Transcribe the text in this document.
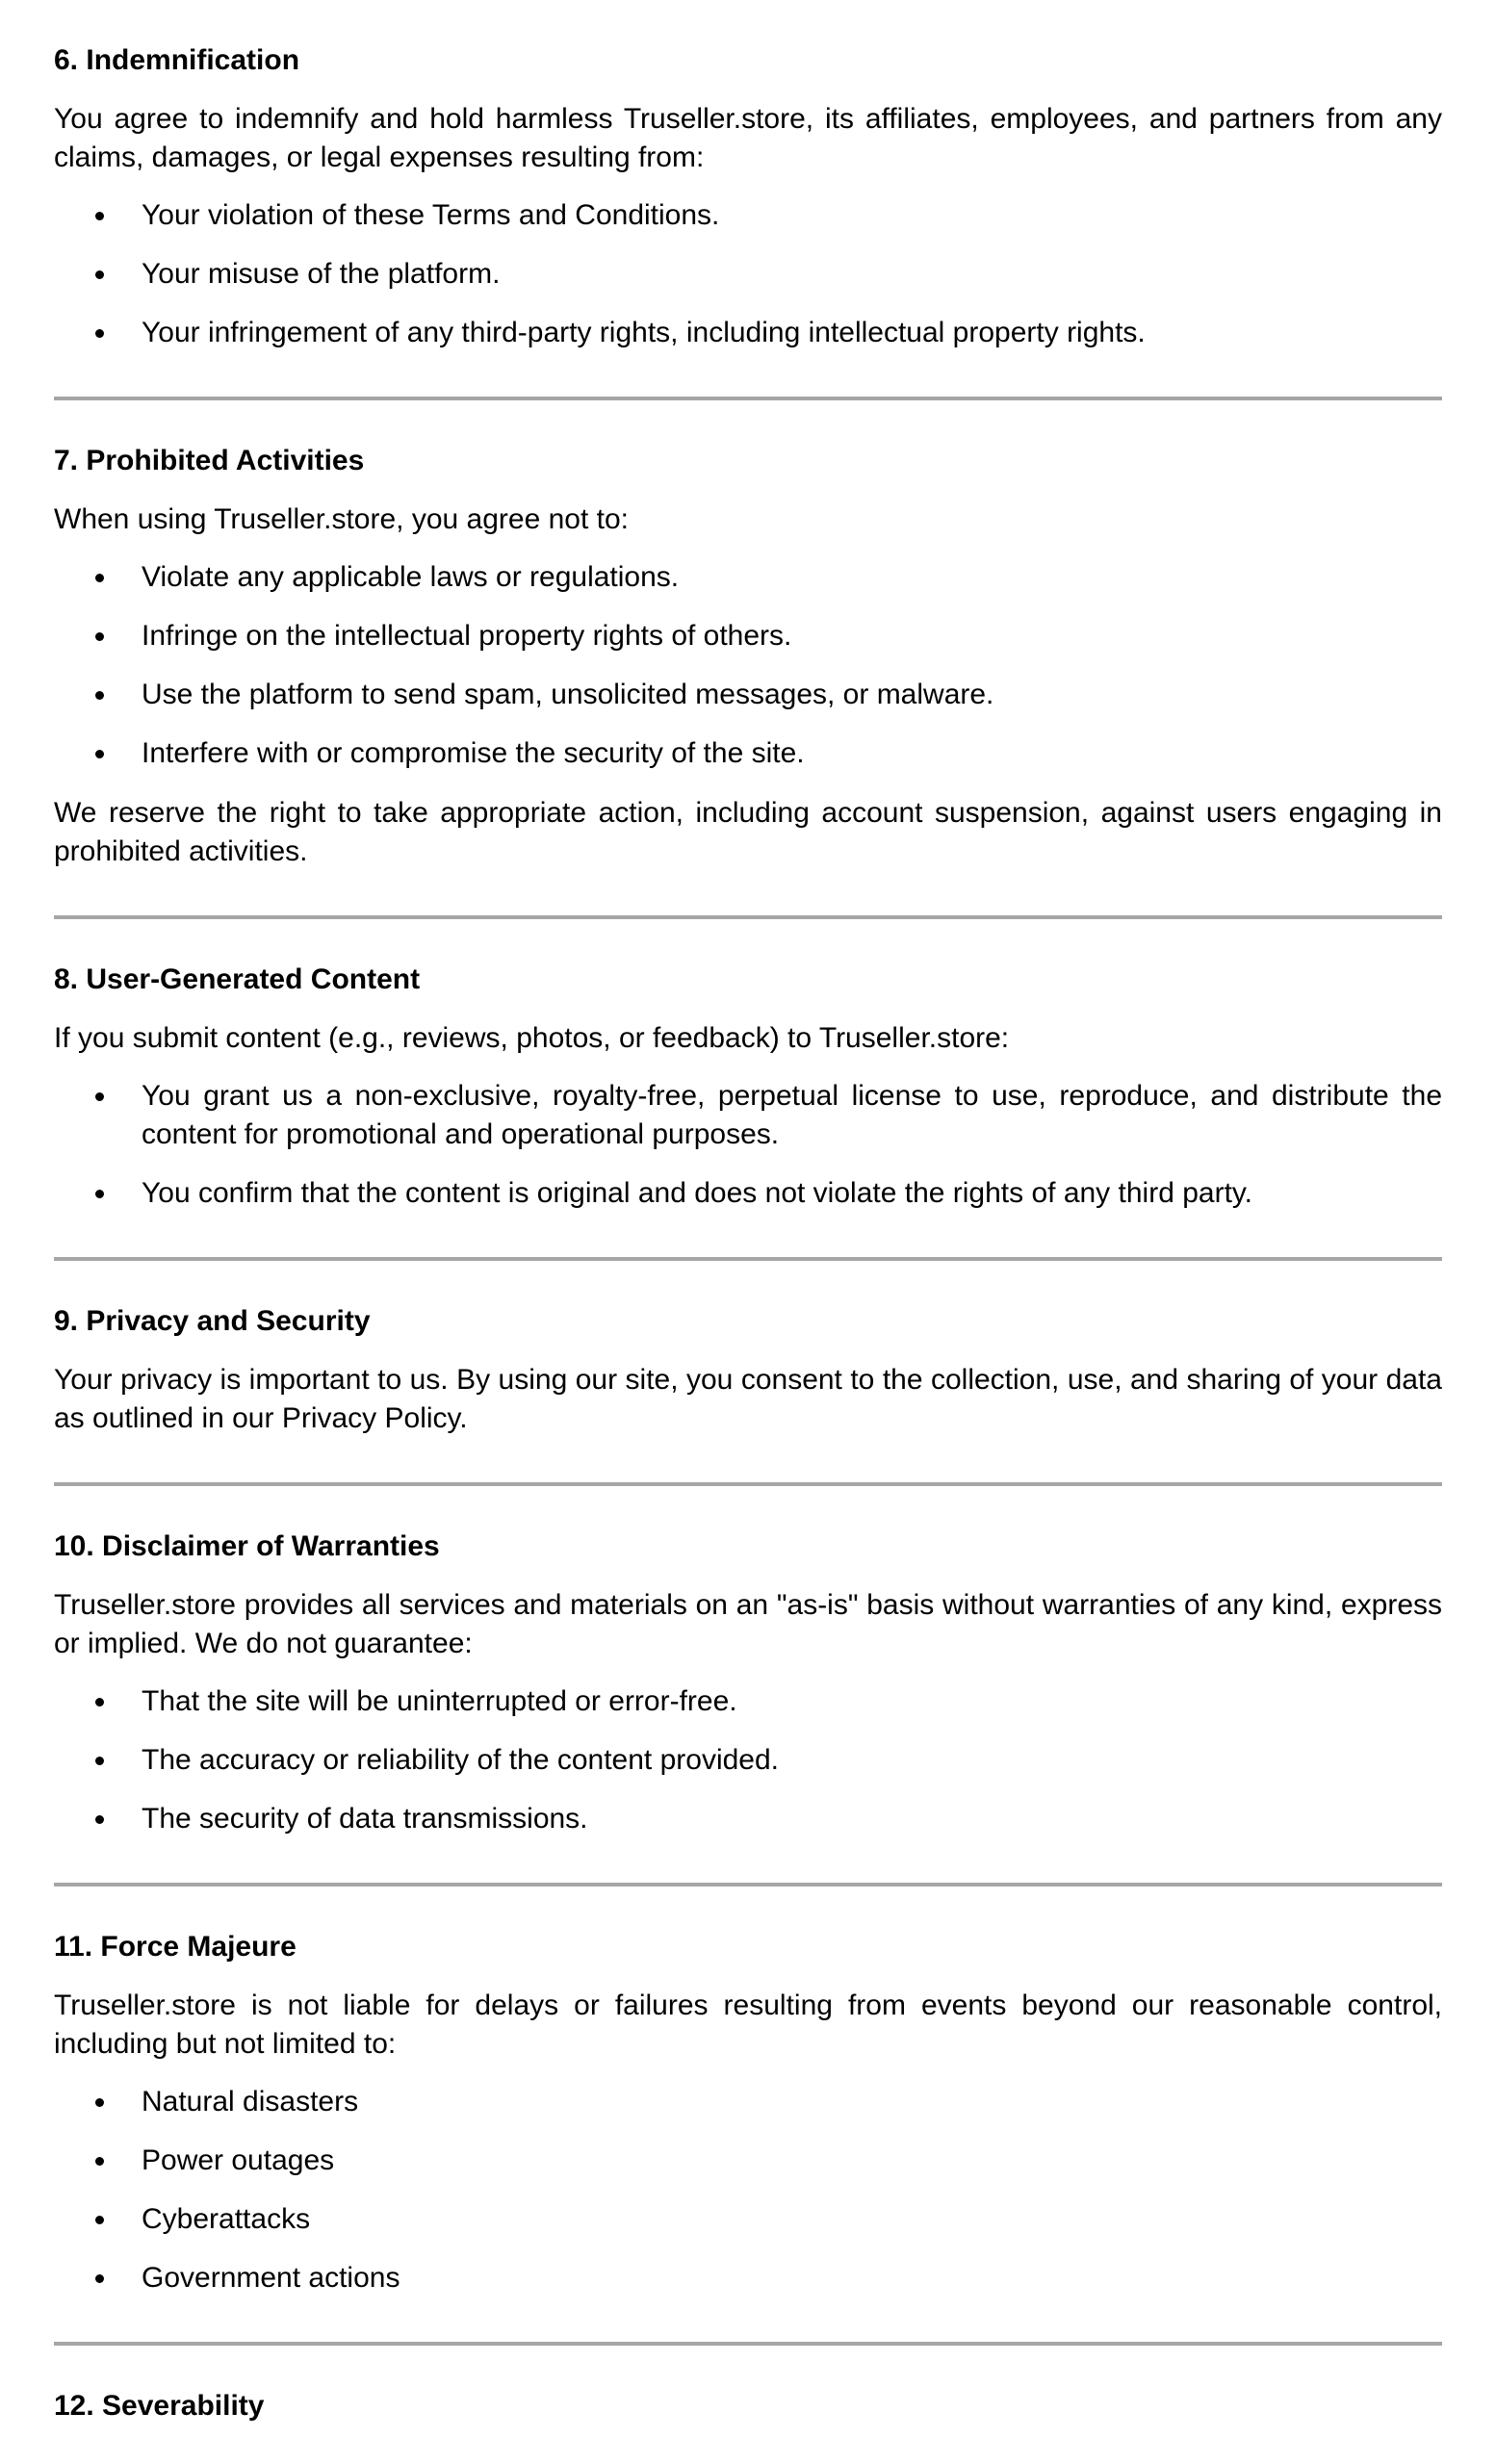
6. Indemnification

You agree to indemnify and hold harmless Truseller.store, its affiliates, employees, and partners from any claims, damages, or legal expenses resulting from:

Your violation of these Terms and Conditions.
Your misuse of the platform.
Your infringement of any third-party rights, including intellectual property rights.
7. Prohibited Activities

When using Truseller.store, you agree not to:

Violate any applicable laws or regulations.
Infringe on the intellectual property rights of others.
Use the platform to send spam, unsolicited messages, or malware.
Interfere with or compromise the security of the site.

We reserve the right to take appropriate action, including account suspension, against users engaging in prohibited activities.

8. User-Generated Content

If you submit content (e.g., reviews, photos, or feedback) to Truseller.store:

You grant us a non-exclusive, royalty-free, perpetual license to use, reproduce, and distribute the content for promotional and operational purposes.
You confirm that the content is original and does not violate the rights of any third party.
9. Privacy and Security

Your privacy is important to us. By using our site, you consent to the collection, use, and sharing of your data as outlined in our Privacy Policy.

10. Disclaimer of Warranties

Truseller.store provides all services and materials on an "as-is" basis without warranties of any kind, express or implied. We do not guarantee:

That the site will be uninterrupted or error-free.
The accuracy or reliability of the content provided.
The security of data transmissions.
11. Force Majeure

Truseller.store is not liable for delays or failures resulting from events beyond our reasonable control, including but not limited to:

Natural disasters
Power outages
Cyberattacks
Government actions
12. Severability
